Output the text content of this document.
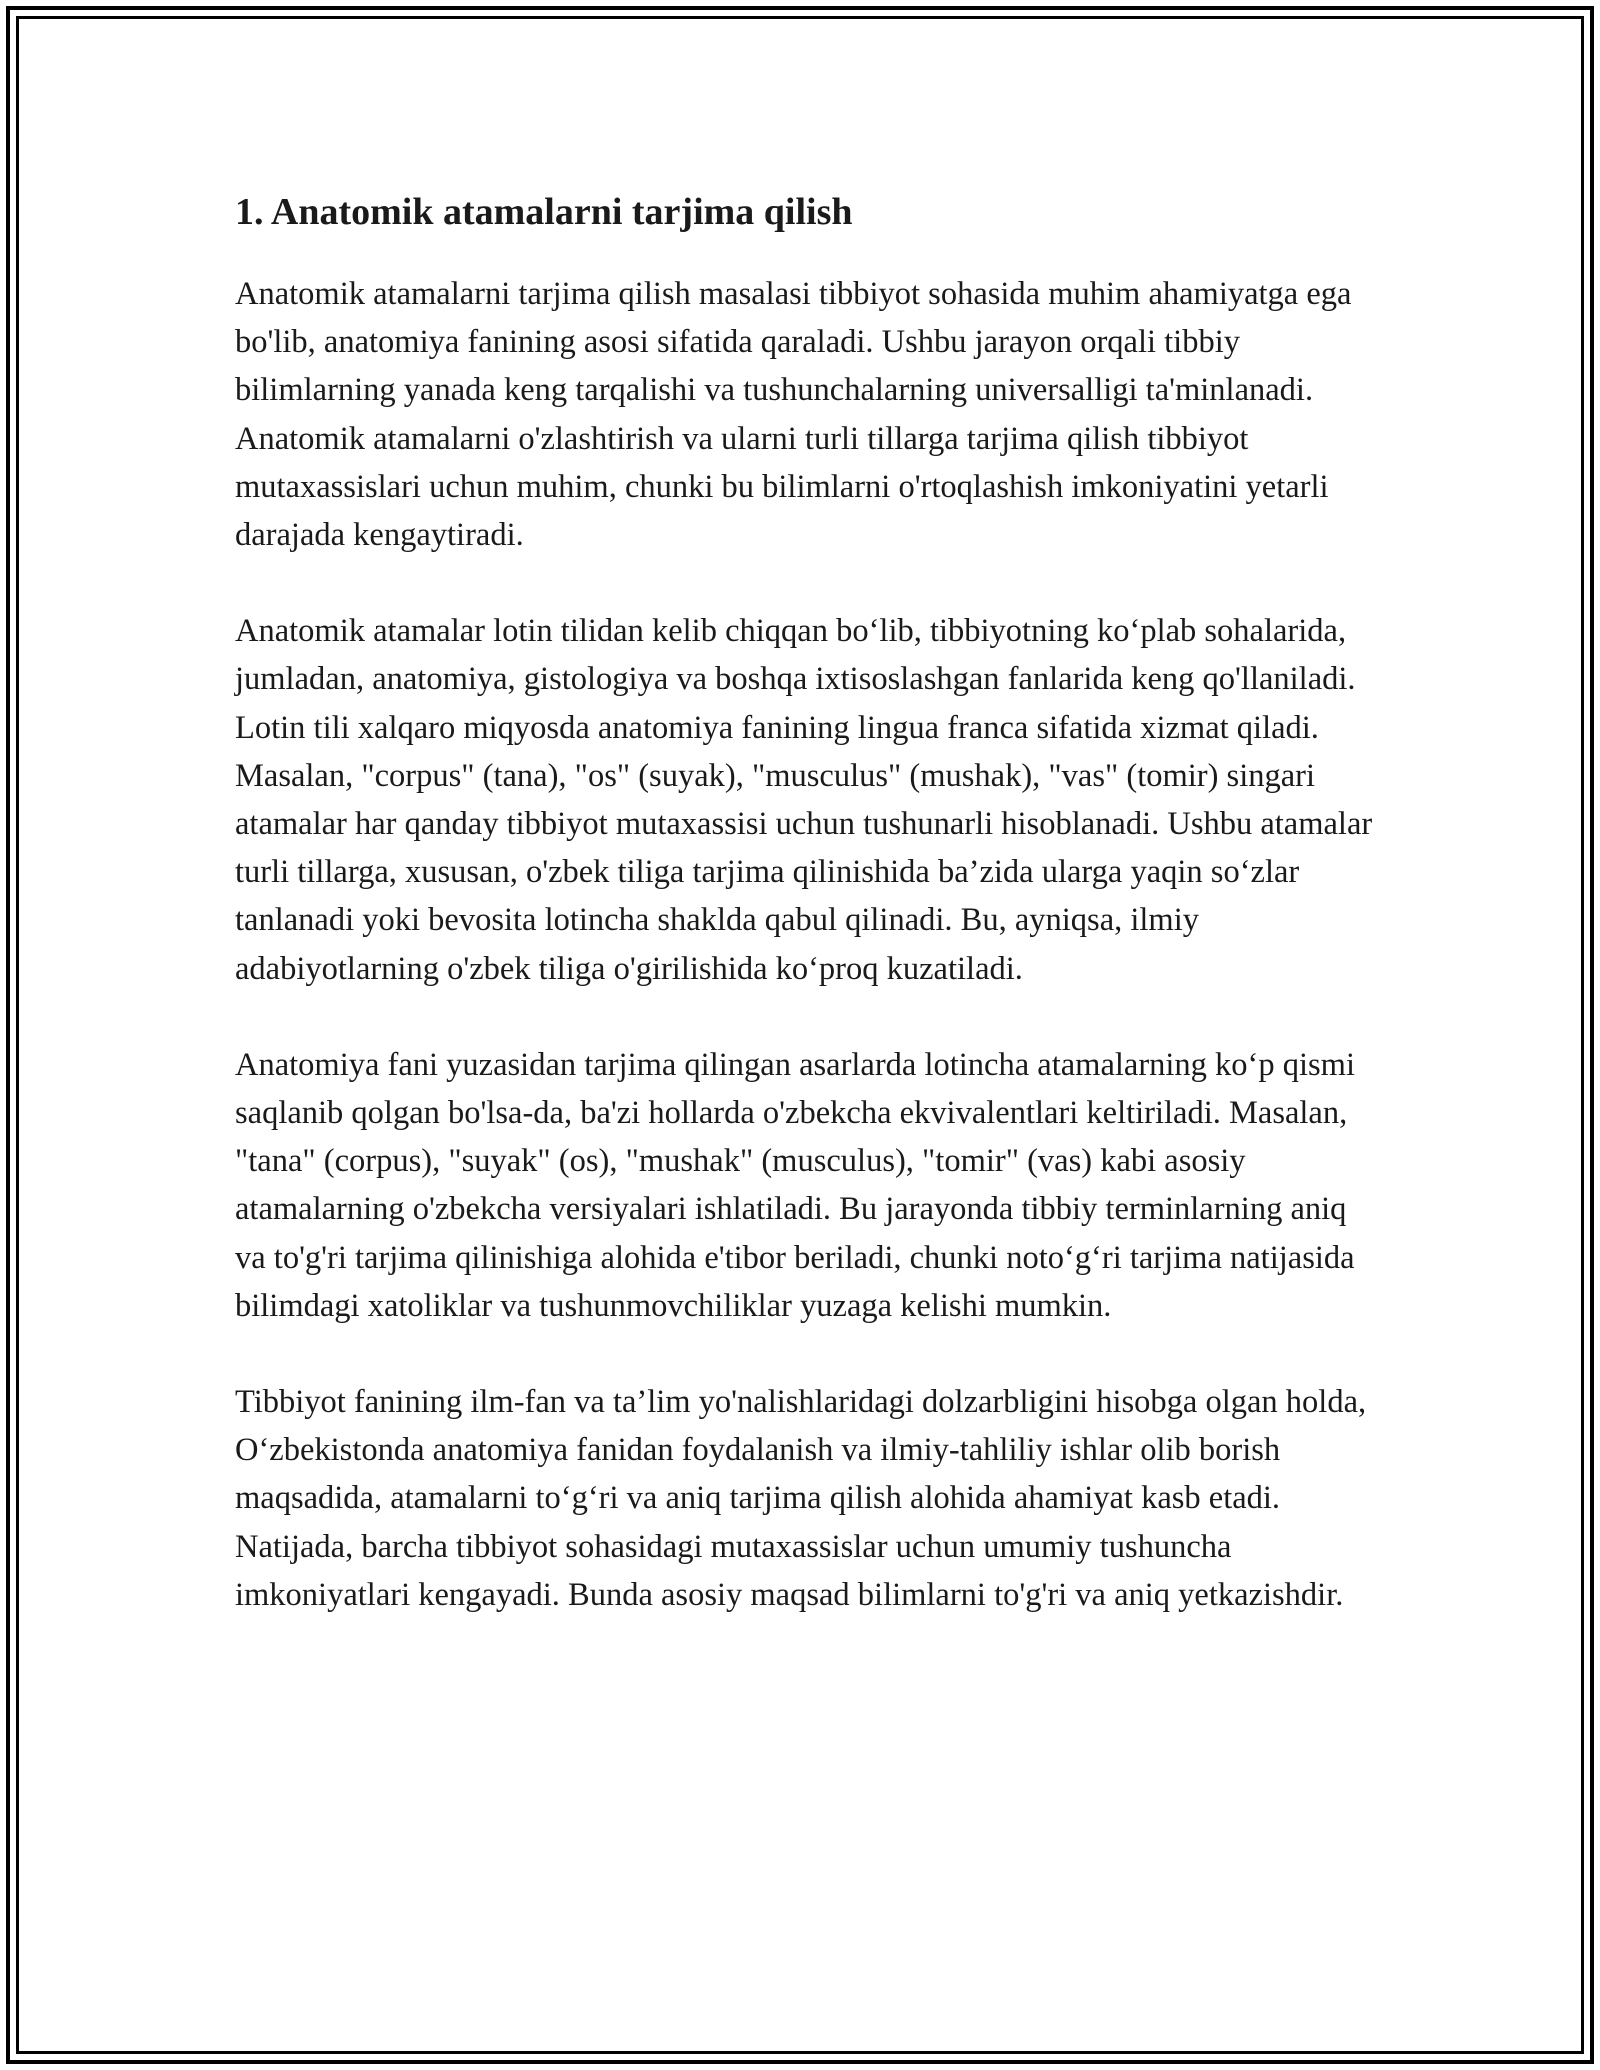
1. Anatomik atamalarni tarjima qilish

Anatomik atamalarni tarjima qilish masalasi tibbiyot sohasida muhim ahamiyatga ega bo'lib, anatomiya fanining asosi sifatida qaraladi. Ushbu jarayon orqali tibbiy bilimlarning yanada keng tarqalishi va tushunchalarning universalligi ta'minlanadi. Anatomik atamalarni o'zlashtirish va ularni turli tillarga tarjima qilish tibbiyot mutaxassislari uchun muhim, chunki bu bilimlarni o'rtoqlashish imkoniyatini yetarli darajada kengaytiradi.

Anatomik atamalar lotin tilidan kelib chiqqan bo‘lib, tibbiyotning ko‘plab sohalarida, jumladan, anatomiya, gistologiya va boshqa ixtisoslashgan fanlarida keng qo'llaniladi. Lotin tili xalqaro miqyosda anatomiya fanining lingua franca sifatida xizmat qiladi. Masalan, "corpus" (tana), "os" (suyak), "musculus" (mushak), "vas" (tomir) singari atamalar har qanday tibbiyot mutaxassisi uchun tushunarli hisoblanadi. Ushbu atamalar turli tillarga, xususan, o'zbek tiliga tarjima qilinishida ba’zida ularga yaqin so‘zlar tanlanadi yoki bevosita lotincha shakldа qabul qilinadi. Bu, ayniqsa, ilmiy adabiyotlarning o'zbek tiliga o'girilishida ko‘proq kuzatiladi.

Anatomiya fani yuzasidan tarjima qilingan asarlarda lotincha atamalarning ko‘p qismi saqlanib qolgan bo'lsa-da, ba'zi hollarda o'zbekcha ekvivalentlari keltiriladi. Masalan, "tana" (corpus), "suyak" (os), "mushak" (musculus), "tomir" (vas) kabi asosiy atamalarning o'zbekcha versiyalari ishlatiladi. Bu jarayonda tibbiy terminlarning aniq va to'g'ri tarjima qilinishiga alohida e'tibor beriladi, chunki noto‘g‘ri tarjima natijasida bilimdagi xatoliklar va tushunmovchiliklar yuzaga kelishi mumkin.

Tibbiyot fanining ilm-fan va ta’lim yo'nalishlaridagi dolzarbligini hisobga olgan holda, O‘zbekistonda anatomiya fanidan foydalanish va ilmiy-tahliliy ishlar olib borish maqsadida, atamalarni to‘g‘ri va aniq tarjima qilish alohida ahamiyat kasb etadi. Natijada, barcha tibbiyot sohasidagi mutaxassislar uchun umumiy tushuncha imkoniyatlari kengayadi. Bunda asosiy maqsad bilimlarni to'g'ri va aniq yetkazishdir.
